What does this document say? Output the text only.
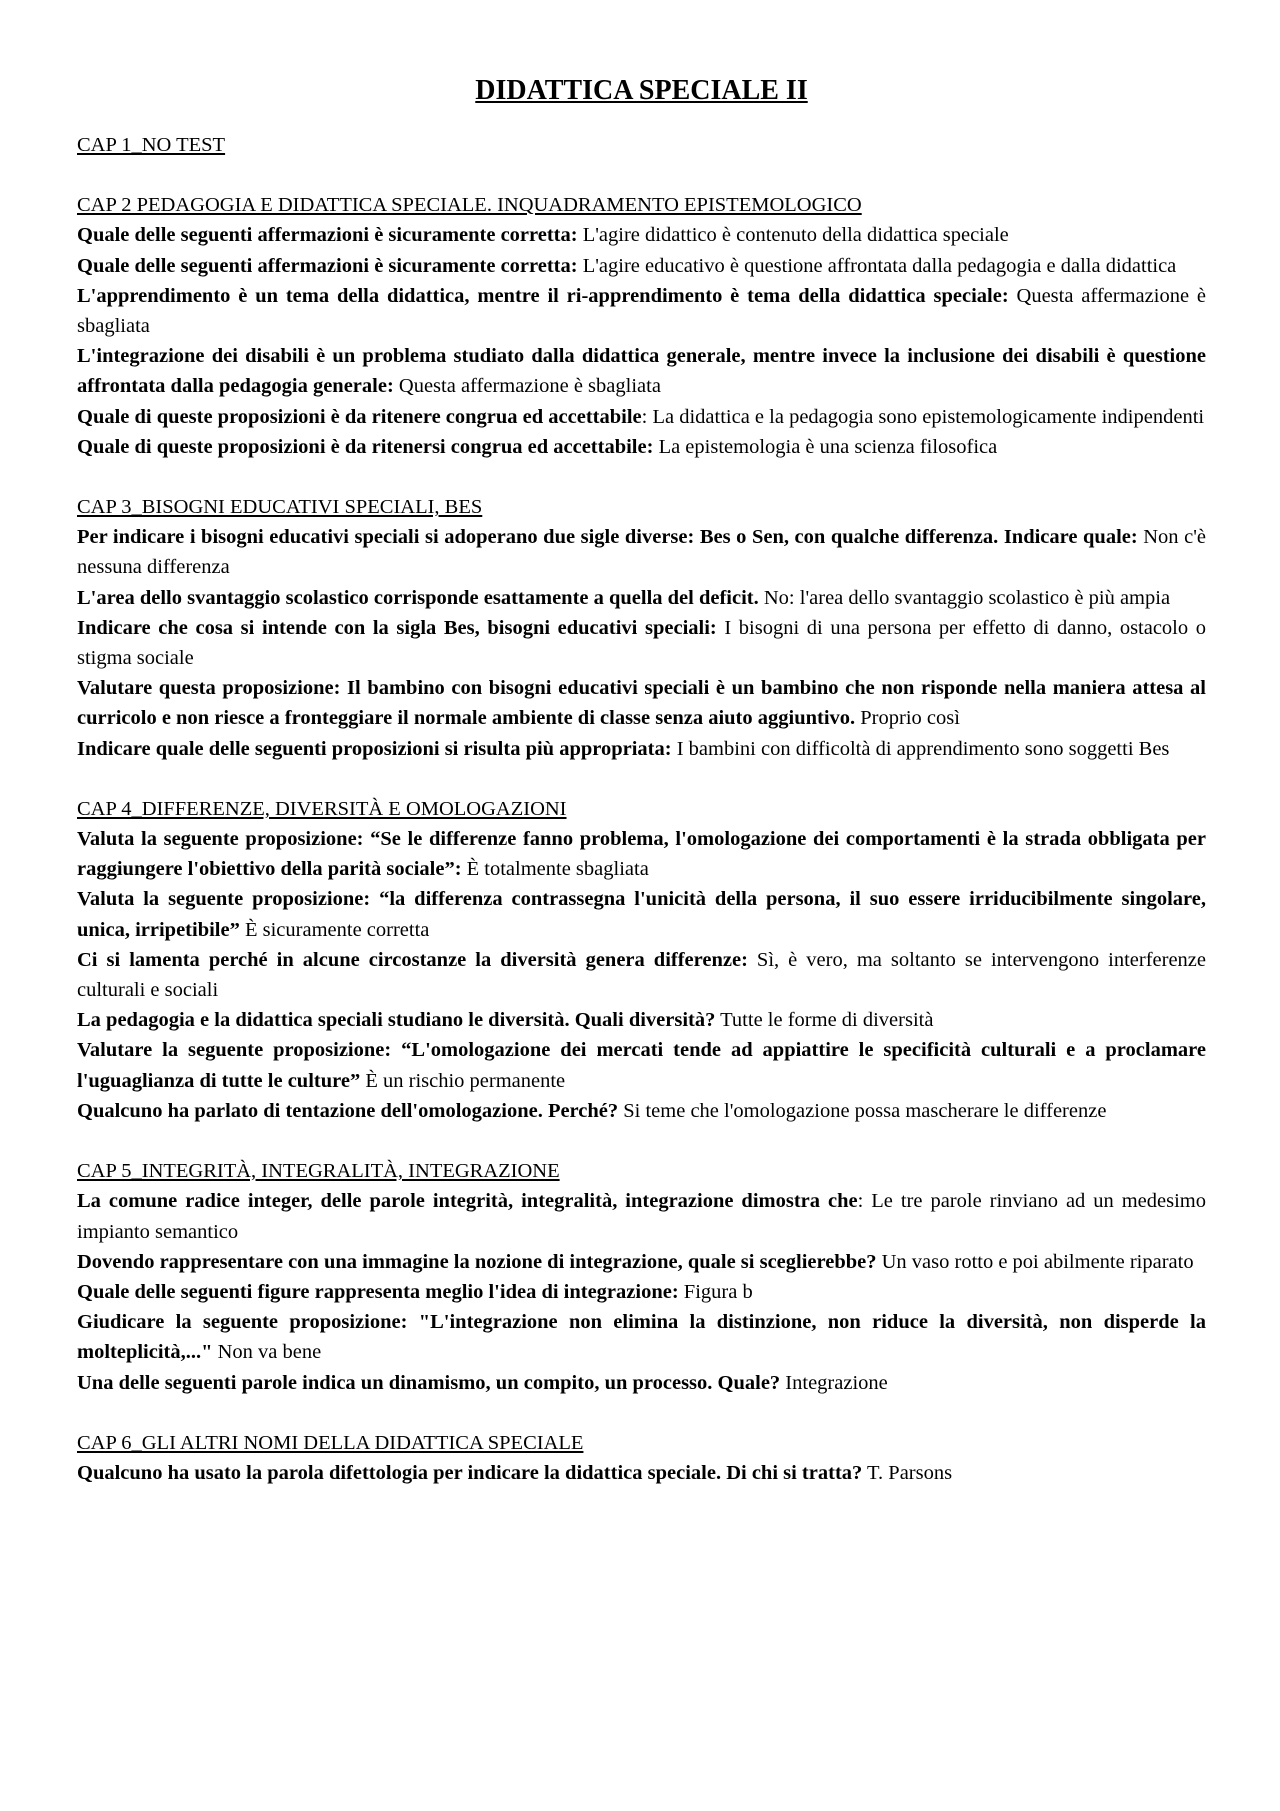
DIDATTICA SPECIALE II
CAP 1_NO TEST
CAP 2 PEDAGOGIA E DIDATTICA SPECIALE. INQUADRAMENTO EPISTEMOLOGICO

Quale delle seguenti affermazioni è sicuramente corretta: L'agire didattico è contenuto della didattica speciale

Quale delle seguenti affermazioni è sicuramente corretta: L'agire educativo è questione affrontata dalla pedagogia e dalla didattica

L'apprendimento è un tema della didattica, mentre il ri-apprendimento è tema della didattica speciale: Questa affermazione è sbagliata

L'integrazione dei disabili è un problema studiato dalla didattica generale, mentre invece la inclusione dei disabili è questione affrontata dalla pedagogia generale: Questa affermazione è sbagliata

Quale di queste proposizioni è da ritenere congrua ed accettabile: La didattica e la pedagogia sono epistemologicamente indipendenti

Quale di queste proposizioni è da ritenersi congrua ed accettabile: La epistemologia è una scienza filosofica

CAP 3_BISOGNI EDUCATIVI SPECIALI, BES

Per indicare i bisogni educativi speciali si adoperano due sigle diverse: Bes o Sen, con qualche differenza. Indicare quale: Non c'è nessuna differenza

L'area dello svantaggio scolastico corrisponde esattamente a quella del deficit. No: l'area dello svantaggio scolastico è più ampia

Indicare che cosa si intende con la sigla Bes, bisogni educativi speciali: I bisogni di una persona per effetto di danno, ostacolo o stigma sociale

Valutare questa proposizione: Il bambino con bisogni educativi speciali è un bambino che non risponde nella maniera attesa al curricolo e non riesce a fronteggiare il normale ambiente di classe senza aiuto aggiuntivo. Proprio così

Indicare quale delle seguenti proposizioni si risulta più appropriata: I bambini con difficoltà di apprendimento sono soggetti Bes

CAP 4_DIFFERENZE, DIVERSITÀ E OMOLOGAZIONI

Valuta la seguente proposizione: “Se le differenze fanno problema, l'omologazione dei comportamenti è la strada obbligata per raggiungere l'obiettivo della parità sociale”: È totalmente sbagliata

Valuta la seguente proposizione: “la differenza contrassegna l'unicità della persona, il suo essere irriducibilmente singolare, unica, irripetibile” È sicuramente corretta

Ci si lamenta perché in alcune circostanze la diversità genera differenze: Sì, è vero, ma soltanto se intervengono interferenze culturali e sociali

La pedagogia e la didattica speciali studiano le diversità. Quali diversità? Tutte le forme di diversità

Valutare la seguente proposizione: “L'omologazione dei mercati tende ad appiattire le specificità culturali e a proclamare l'uguaglianza di tutte le culture” È un rischio permanente

Qualcuno ha parlato di tentazione dell'omologazione. Perché? Si teme che l'omologazione possa mascherare le differenze

CAP 5_INTEGRITÀ, INTEGRALITÀ, INTEGRAZIONE

La comune radice integer, delle parole integrità, integralità, integrazione dimostra che: Le tre parole rinviano ad un medesimo impianto semantico

Dovendo rappresentare con una immagine la nozione di integrazione, quale si sceglierebbe? Un vaso rotto e poi abilmente riparato

Quale delle seguenti figure rappresenta meglio l'idea di integrazione: Figura b

Giudicare la seguente proposizione: "L'integrazione non elimina la distinzione, non riduce la diversità, non disperde la molteplicità,..." Non va bene

Una delle seguenti parole indica un dinamismo, un compito, un processo. Quale? Integrazione

CAP 6_GLI ALTRI NOMI DELLA DIDATTICA SPECIALE

Qualcuno ha usato la parola difettologia per indicare la didattica speciale. Di chi si tratta? T. Parsons
